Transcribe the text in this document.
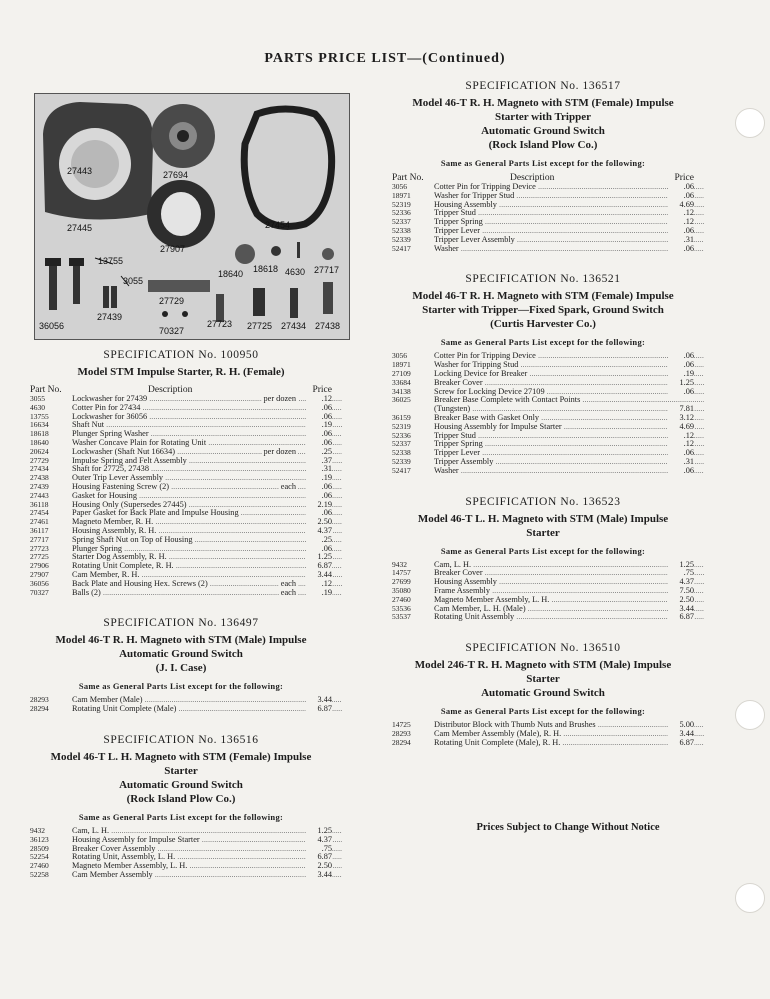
PARTS PRICE LIST—(Continued)
27443	27694
27445	27454
27907
13755
3055
18640 18618 4630 27717
27729
27439
36056	70327
27723 27725 27434 27438

SPECIFICATION No. 100950

Model STM Impulse Starter, R. H. (Female)

Part No.	Description	Price
3055	Lockwasher for 27439 .....	per dozen	.12
4630	Cotter Pin for 27434 .....	.06
13755	Lockwasher for 36056 .....	.06
16634	Shaft Nut .....	.19
18618	Plunger Spring Washer .....	.06
18640	Washer Concave Plain for Rotating Unit .....	.06
20624	Lockwasher (Shaft Nut 16634) .....	per dozen	.25
27729	Impulse Spring and Felt Assembly .....	.37
27434	Shaft for 27725, 27438 .....	.31
27438	Outer Trip Lever Assembly .....	.19
27439	Housing Fastening Screw (2) .....	each	.06
27443	Gasket for Housing .....	.06
36118	Housing Only (Supersedes 27445) .....	2.19
27454	Paper Gasket for Back Plate and Impulse Housing .....	.06
27461	Magneto Member, R. H. .....	2.50
36117	Housing Assembly, R. H. .....	4.37
27717	Spring Shaft Nut on Top of Housing .....	.25
27723	Plunger Spring .....	.06
27725	Starter Dog Assembly, R. H. .....	1.25
27906	Rotating Unit Complete, R. H. .....	6.87
27907	Cam Member, R. H. .....	3.44
36056	Back Plate and Housing Hex. Screws (2) .....	each	.12
70327	Balls (2) .....	each	.19

SPECIFICATION No. 136497

Model 46-T R. H. Magneto with STM (Male) Impulse

Automatic Ground Switch

(J. I. Case)

Same as General Parts List except for the following:

28293	Cam Member (Male) .....	3.44
28294	Rotating Unit Complete (Male) .....	6.87

SPECIFICATION No. 136516

Model 46-T L. H. Magneto with STM (Female) Impulse

Starter

Automatic Ground Switch

(Rock Island Plow Co.)

Same as General Parts List except for the following:

9432	Cam, L. H. .....	1.25
36123	Housing Assembly for Impulse Starter .....	4.37
28509	Breaker Cover Assembly .....	.75
52254	Rotating Unit, Assembly, L. H. .....	6.87
27460	Magneto Member Assembly, L. H. .....	2.50
52258	Cam Member Assembly .....	3.44

SPECIFICATION No. 136517

Model 46-T R. H. Magneto with STM (Female) Impulse

Starter with Tripper

Automatic Ground Switch

(Rock Island Plow Co.)

Same as General Parts List except for the following:

Part No.	Description	Price
3056	Cotter Pin for Tripping Device .....	.06
18971	Washer for Tripper Stud .....	.06
52319	Housing Assembly .....	4.69
52336	Tripper Stud .....	.12
52337	Tripper Spring .....	.12
52338	Tripper Lever .....	.06
52339	Tripper Lever Assembly .....	.31
52417	Washer .....	.06

SPECIFICATION No. 136521

Model 46-T R. H. Magneto with STM (Female) Impulse

Starter with Tripper—Fixed Spark, Ground Switch

(Curtis Harvester Co.)

Same as General Parts List except for the following:

3056	Cotter Pin for Tripping Device .....	.06
18971	Washer for Tripping Stud .....	.06
27109	Locking Device for Breaker .....	.19
33684	Breaker Cover .....	1.25
34138	Screw for Locking Device 27109 .....	.06
36025	Breaker Base Complete with Contact Points .....
(Tungsten) .....	7.81
36159	Breaker Base with Gasket Only .....	3.12
52319	Housing Assembly for Impulse Starter .....	4.69
52336	Tripper Stud .....	.12
52337	Tripper Spring .....	.12
52338	Tripper Lever .....	.06
52339	Tripper Assembly .....	.31
52417	Washer .....	.06

SPECIFICATION No. 136523

Model 46-T L. H. Magneto with STM (Male) Impulse

Starter

Same as General Parts List except for the following:

9432	Cam, L. H. .....	1.25
14757	Breaker Cover .....	.75
27699	Housing Assembly .....	4.37
35080	Frame Assembly .....	7.50
27460	Magneto Member Assembly, L. H. .....	2.50
53536	Cam Member, L. H. (Male) .....	3.44
53537	Rotating Unit Assembly .....	6.87

SPECIFICATION No. 136510

Model 246-T R. H. Magneto with STM (Male) Impulse

Starter

Automatic Ground Switch

Same as General Parts List except for the following:

14725	Distributor Block with Thumb Nuts and Brushes .....	5.00
28293	Cam Member Assembly (Male), R. H. .....	3.44
28294	Rotating Unit Complete (Male), R. H. .....	6.87
Prices Subject to Change Without Notice
